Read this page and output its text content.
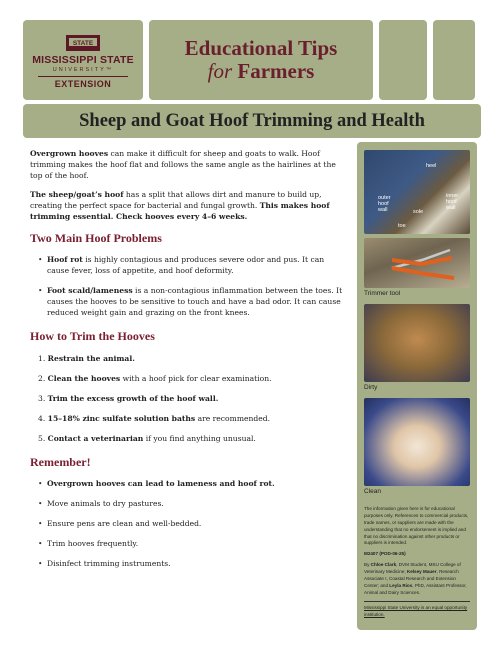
STATE
MISSISSIPPI STATE
UNIVERSITY™
EXTENSION
Educational Tips
for Farmers
Sheep and Goat Hoof Trimming and Health

Overgrown hooves can make it difficult for sheep and goats to walk. Hoof trimming makes the hoof flat and follows the same angle as the hairlines at the top of the hoof.

The sheep/goat’s hoof has a split that allows dirt and manure to build up, creating the perfect space for bacterial and fungal growth. This makes hoof trimming essential. Check hooves every 4–6 weeks.

Two Main Hoof Problems
• Hoof rot is highly contagious and produces severe odor and pus. It can cause fever, loss of appetite, and hoof deformity.
• Foot scald/lameness is a non-contagious inflammation between the toes. It causes the hooves to be sensitive to touch and have a bad odor. It can cause reduced weight gain and grazing on the front knees.
How to Trim the Hooves
1. Restrain the animal.
2. Clean the hooves with a hoof pick for clear examination.
3. Trim the excess growth of the hoof wall.
4. 15–18% zinc sulfate solution baths are recommended.
5. Contact a veterinarian if you find anything unusual.
Remember!
• Overgrown hooves can lead to lameness and hoof rot.
• Move animals to dry pastures.
• Ensure pens are clean and well-bedded.
• Trim hooves frequently.
• Disinfect trimming instruments.
heel
outer hoof wall	sole
inner hoof wall
toe
Trimmer tool
Dirty
Clean

The information given here is for educational purposes only. References to commercial products, trade names, or suppliers are made with the understanding that no endorsement is implied and that no discrimination against other products or suppliers is intended.

M2407 (POD-06-25)

By Chloe Clark, DVM Student, MSU College of Veterinary Medicine; Kelsey Mauer, Research Associate I, Coastal Research and Extension Center; and Leyla Rios, PhD, Assistant Professor, Animal and Dairy Sciences.

Mississippi State University is an equal opportunity institution.
